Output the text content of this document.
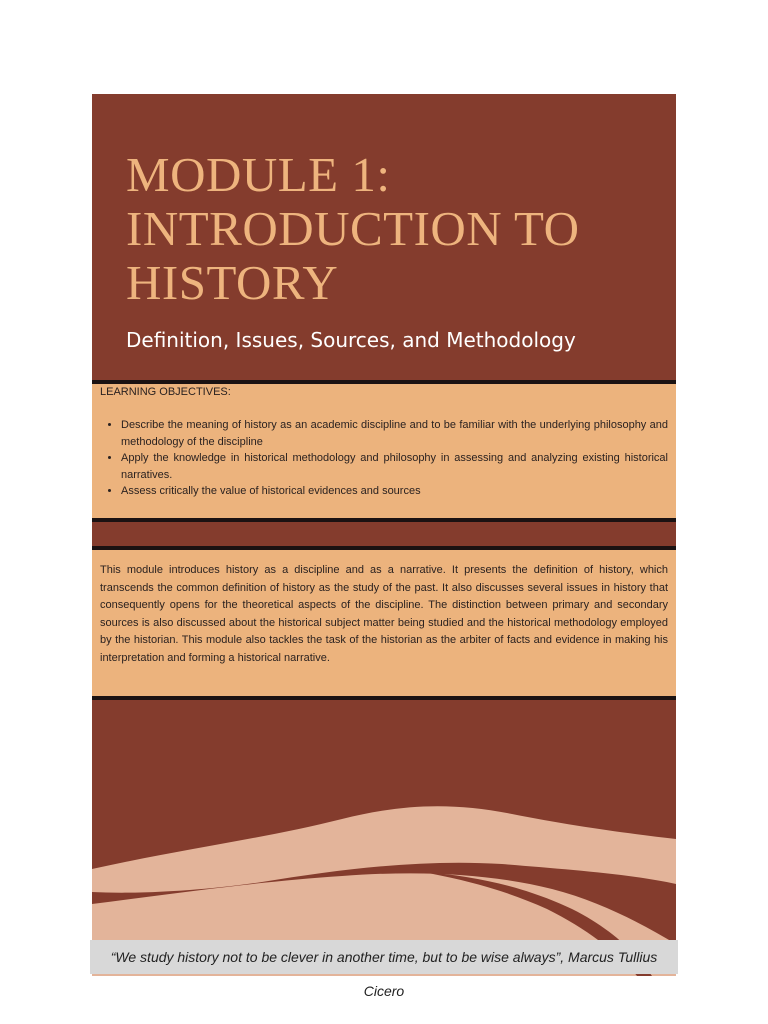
MODULE 1:
INTRODUCTION TO
HISTORY

Definition, Issues, Sources, and Methodology

LEARNING OBJECTIVES:

• Describe the meaning of history as an academic discipline and to be familiar with the underlying philosophy and methodology of the discipline
• Apply the knowledge in historical methodology and philosophy in assessing and analyzing existing historical narratives.
• Assess critically the value of historical evidences and sources

This module introduces history as a discipline and as a narrative. It presents the definition of history, which transcends the common definition of history as the study of the past. It also discusses several issues in history that consequently opens for the theoretical aspects of the discipline. The distinction between primary and secondary sources is also discussed about the historical subject matter being studied and the historical methodology employed by the historian. This module also tackles the task of the historian as the arbiter of facts and evidence in making his interpretation and forming a historical narrative.

“We study history not to be clever in another time, but to be wise always”, Marcus Tullius Cicero
